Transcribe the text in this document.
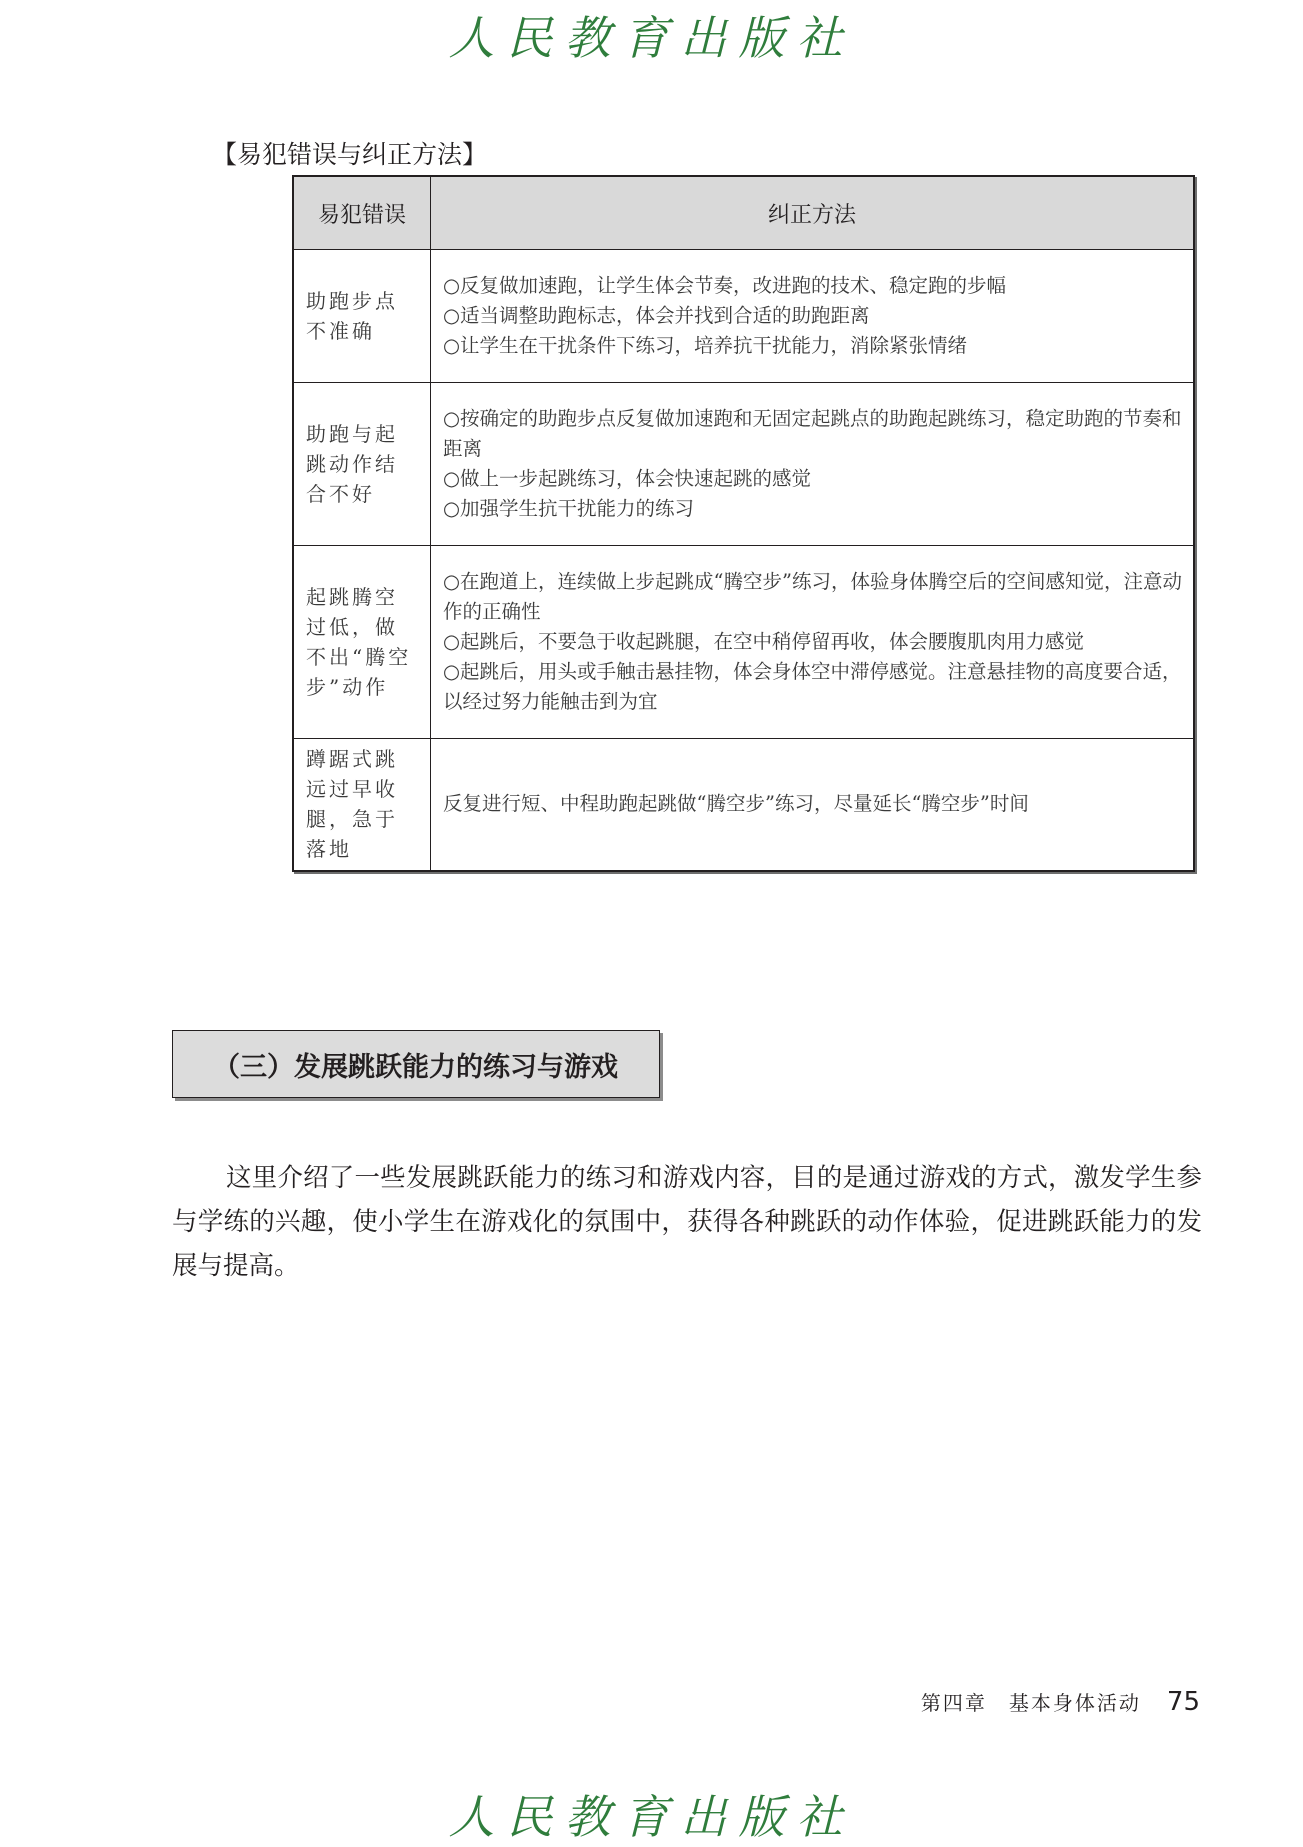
人民教育出版社
【易犯错误与纠正方法】
易犯错误	纠正方法
助跑步点不准确	○反复做加速跑，让学生体会节奏，改进跑的技术、稳定跑的步幅
○适当调整助跑标志，体会并找到合适的助跑距离
○让学生在干扰条件下练习，培养抗干扰能力，消除紧张情绪

助跑与起跳动作结合不好	○按确定的助跑步点反复做加速跑和无固定起跳点的助跑起跳练习，稳定助跑的节奏和距离
○做上一步起跳练习，体会快速起跳的感觉
○加强学生抗干扰能力的练习

起跳腾空过低，做不出“腾空步”动作	○在跑道上，连续做上步起跳成“腾空步”练习，体验身体腾空后的空间感知觉，注意动作的正确性
○起跳后，不要急于收起跳腿，在空中稍停留再收，体会腰腹肌肉用力感觉
○起跳后，用头或手触击悬挂物，体会身体空中滞停感觉。注意悬挂物的高度要合适，以经过努力能触击到为宜

蹲踞式跳远过早收腿，急于落地	反复进行短、中程助跑起跳做“腾空步”练习，尽量延长“腾空步”时间
（三）发展跳跃能力的练习与游戏

这里介绍了一些发展跳跃能力的练习和游戏内容，目的是通过游戏的方式，激发学生参与学练的兴趣，使小学生在游戏化的氛围中，获得各种跳跃的动作体验，促进跳跃能力的发展与提高。

第四章　基本身体活动 75
人民教育出版社
